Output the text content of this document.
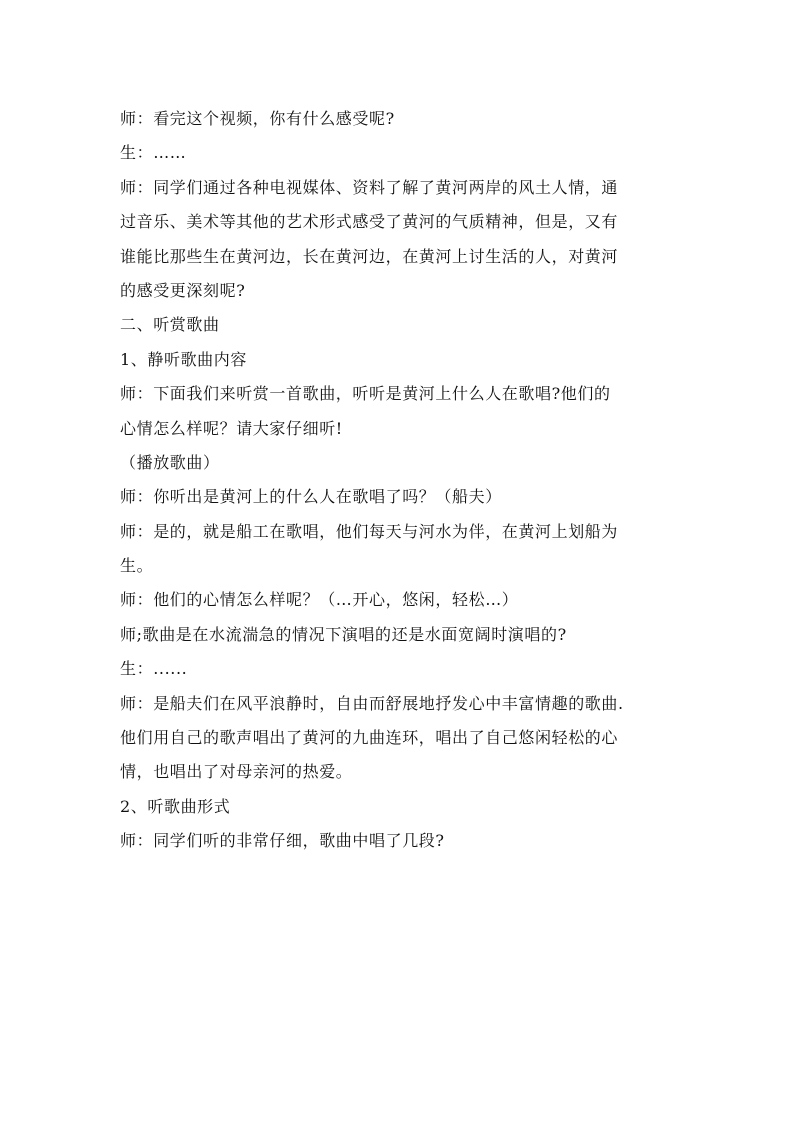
师：看完这个视频，你有什么感受呢?
生：……
师：同学们通过各种电视媒体、资料了解了黄河两岸的风土人情，通
过音乐、美术等其他的艺术形式感受了黄河的气质精神，但是，又有
谁能比那些生在黄河边，长在黄河边，在黄河上讨生活的人，对黄河
的感受更深刻呢?
二、听赏歌曲
1、静听歌曲内容
师：下面我们来听赏一首歌曲，听听是黄河上什么人在歌唱?他们的
心情怎么样呢？请大家仔细听!
（播放歌曲）
师：你听出是黄河上的什么人在歌唱了吗？（船夫）
师：是的，就是船工在歌唱，他们每天与河水为伴，在黄河上划船为
生。
师：他们的心情怎么样呢？（…开心，悠闲，轻松…）
师;歌曲是在水流湍急的情况下演唱的还是水面宽阔时演唱的?
生：......
师：是船夫们在风平浪静时，自由而舒展地抒发心中丰富情趣的歌曲.
他们用自己的歌声唱出了黄河的九曲连环，唱出了自己悠闲轻松的心
情，也唱出了对母亲河的热爱。
2、听歌曲形式
师：同学们听的非常仔细，歌曲中唱了几段?
